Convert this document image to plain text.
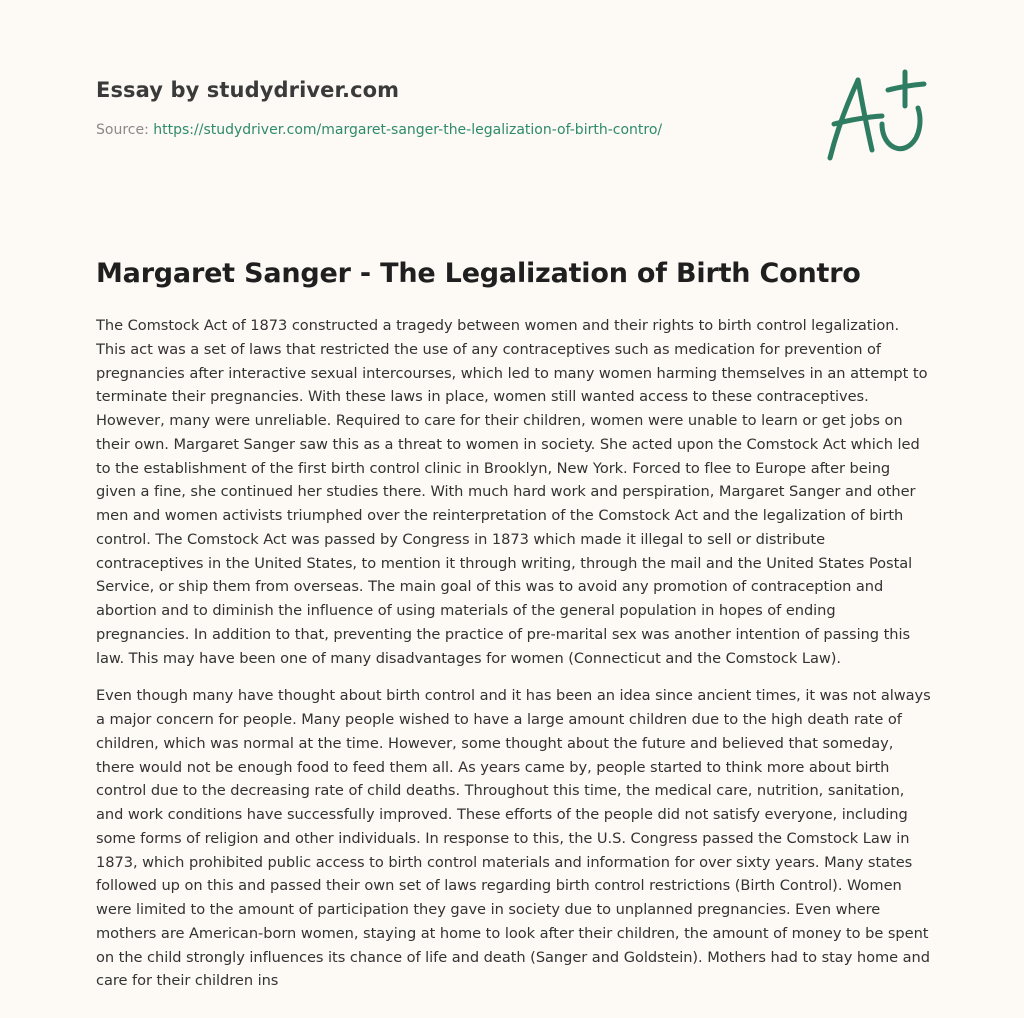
Essay by studydriver.com
Source: https://studydriver.com/margaret-sanger-the-legalization-of-birth-contro/
Margaret Sanger - The Legalization of Birth Contro

The Comstock Act of 1873 constructed a tragedy between women and their rights to birth control legalization. This act was a set of laws that restricted the use of any contraceptives such as medication for prevention of pregnancies after interactive sexual intercourses, which led to many women harming themselves in an attempt to terminate their pregnancies. With these laws in place, women still wanted access to these contraceptives. However, many were unreliable. Required to care for their children, women were unable to learn or get jobs on their own. Margaret Sanger saw this as a threat to women in society. She acted upon the Comstock Act which led to the establishment of the first birth control clinic in Brooklyn, New York. Forced to flee to Europe after being given a fine, she continued her studies there. With much hard work and perspiration, Margaret Sanger and other men and women activists triumphed over the reinterpretation of the Comstock Act and the legalization of birth control. The Comstock Act was passed by Congress in 1873 which made it illegal to sell or distribute contraceptives in the United States, to mention it through writing, through the mail and the United States Postal Service, or ship them from overseas. The main goal of this was to avoid any promotion of contraception and abortion and to diminish the influence of using materials of the general population in hopes of ending pregnancies. In addition to that, preventing the practice of pre-marital sex was another intention of passing this law. This may have been one of many disadvantages for women (Connecticut and the Comstock Law).

Even though many have thought about birth control and it has been an idea since ancient times, it was not always a major concern for people. Many people wished to have a large amount children due to the high death rate of children, which was normal at the time. However, some thought about the future and believed that someday, there would not be enough food to feed them all. As years came by, people started to think more about birth control due to the decreasing rate of child deaths. Throughout this time, the medical care, nutrition, sanitation, and work conditions have successfully improved. These efforts of the people did not satisfy everyone, including some forms of religion and other individuals. In response to this, the U.S. Congress passed the Comstock Law in 1873, which prohibited public access to birth control materials and information for over sixty years. Many states followed up on this and passed their own set of laws regarding birth control restrictions (Birth Control). Women were limited to the amount of participation they gave in society due to unplanned pregnancies. Even where mothers are American-born women, staying at home to look after their children, the amount of money to be spent on the child strongly influences its chance of life and death (Sanger and Goldstein). Mothers had to stay home and care for their children ins
